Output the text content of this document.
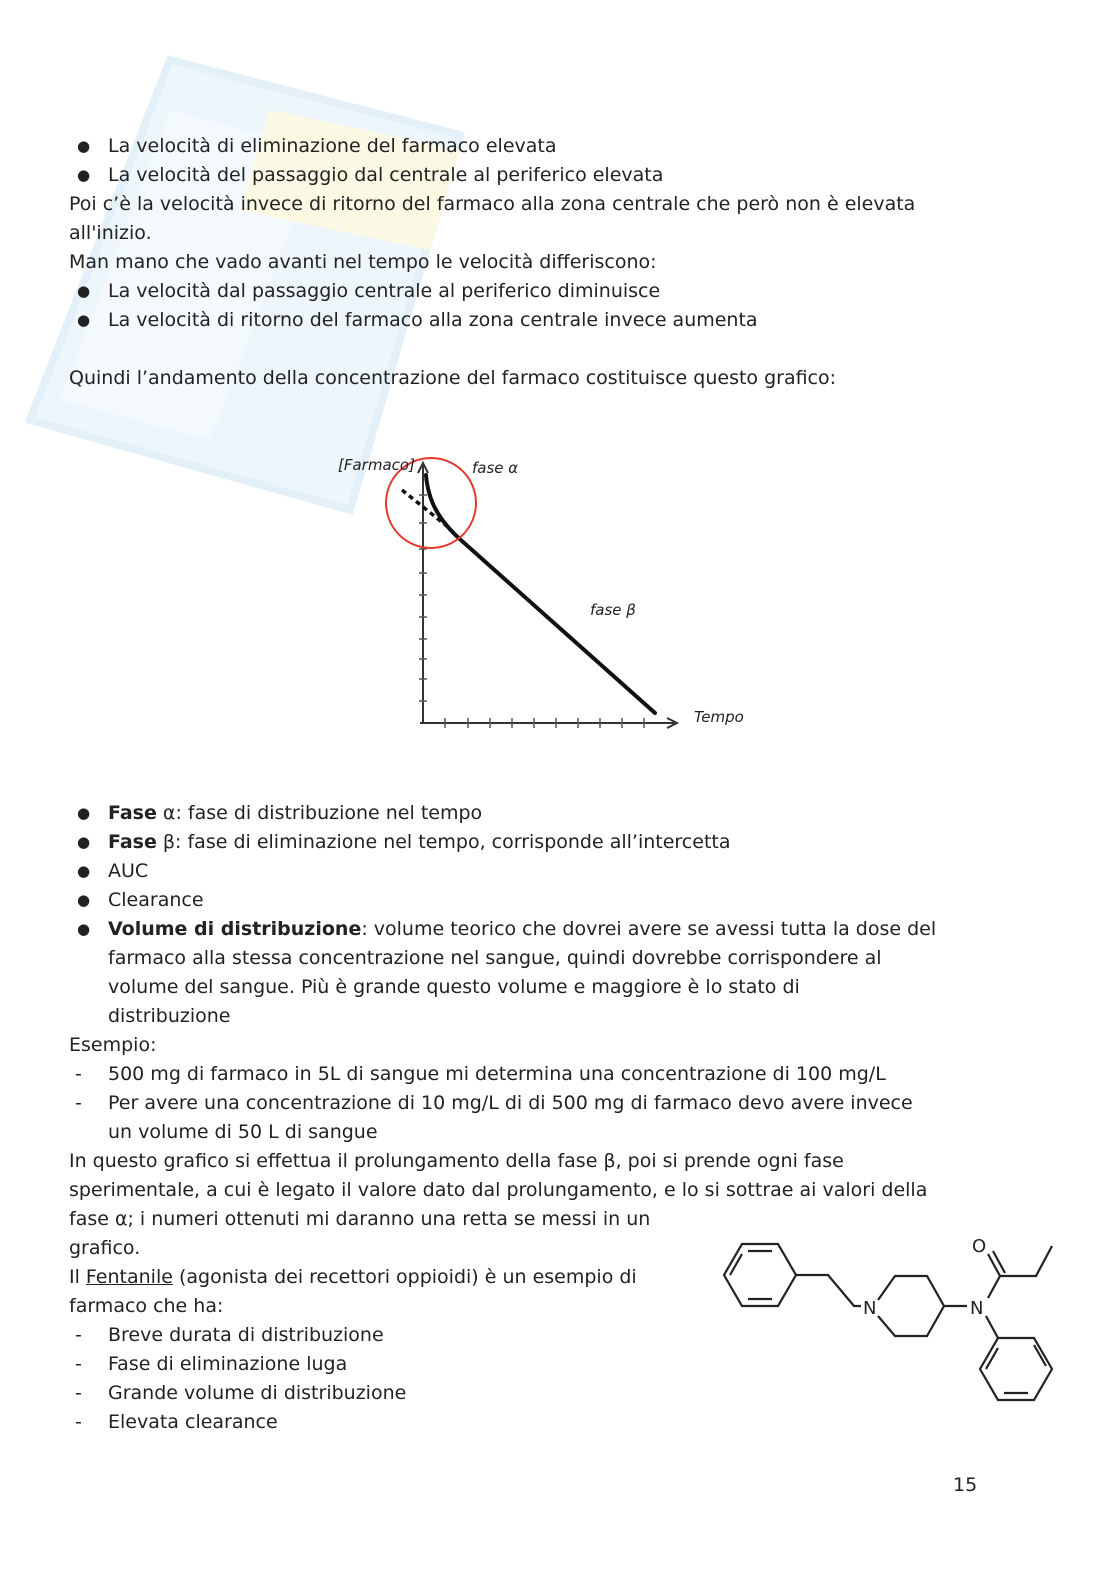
● La velocità di eliminazione del farmaco elevata
● La velocità del passaggio dal centrale al periferico elevata
Poi c’è la velocità invece di ritorno del farmaco alla zona centrale che però non è elevata
all'inizio.
Man mano che vado avanti nel tempo le velocità differiscono:
● La velocità dal passaggio centrale al periferico diminuisce
● La velocità di ritorno del farmaco alla zona centrale invece aumenta
Quindi l’andamento della concentrazione del farmaco costituisce questo grafico:
[Farmaco]	fase α
fase β
Tempo
● Fase α: fase di distribuzione nel tempo
● Fase β: fase di eliminazione nel tempo, corrisponde all’intercetta
● AUC
● Clearance
● Volume di distribuzione: volume teorico che dovrei avere se avessi tutta la dose del
farmaco alla stessa concentrazione nel sangue, quindi dovrebbe corrispondere al
volume del sangue. Più è grande questo volume e maggiore è lo stato di
distribuzione
Esempio:
- 500 mg di farmaco in 5L di sangue mi determina una concentrazione di 100 mg/L
- Per avere una concentrazione di 10 mg/L di di 500 mg di farmaco devo avere invece
un volume di 50 L di sangue
In questo grafico si effettua il prolungamento della fase β, poi si prende ogni fase
sperimentale, a cui è legato il valore dato dal prolungamento, e lo si sottrae ai valori della
fase α; i numeri ottenuti mi daranno una retta se messi in un
grafico.
Il Fentanile (agonista dei recettori oppioidi) è un esempio di
farmaco che ha:
- Breve durata di distribuzione
- Fase di eliminazione luga
- Grande volume di distribuzione
- Elevata clearance
N	N
O
15
